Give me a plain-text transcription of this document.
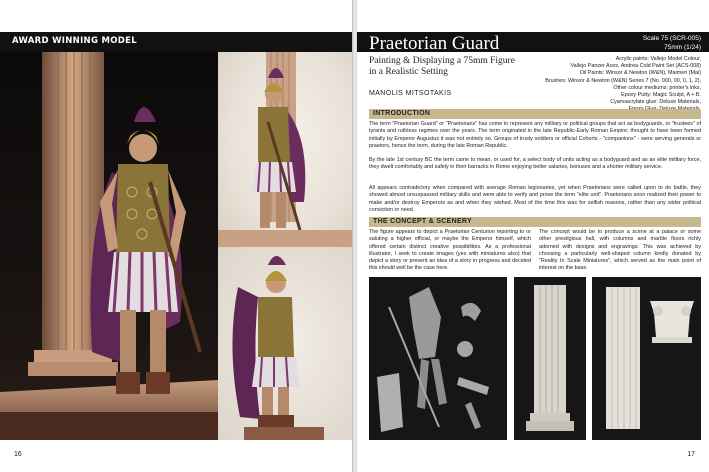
AWARD WINNING MODEL
16
Praetorian Guard	Scale 75 (SCR-005)
75mm (1/24)
Painting & Displaying a 75mm Figure in a Realistic Setting
MANOLIS MITSOTAKIS
Acrylic paints: Vallejo Model Colour,
Vallejo Panzer Aces, Andrea Cold Paint Set (ACS-008)
Oil Paints: Winsor & Newton (W&N), Maimeri (Mai)
Brushes: Winsor & Newton (W&N) Series 7 (No. 000, 00, 0, 1, 2),
Other colour mediums: printer's inks,
Epoxy Putty: Magic Sculpt, A + B.
Cyanoacrylate glue: Deluxe Materials,
INTRODUCTION
The term "Praetorian Guard" or "Praetorians" has come to represent any military or political groups that act as bodyguards, or "trustees" of tyrants and ruthless regimes over the years. The term originated in the late Republic-Early Roman Empire; thought to have been formed initially by Emperor Augustus it was not entirely so. Groups of trusty soldiers or official Cohorts - "companions" - were serving generals or praetors, hence the term, during the late Roman Republic.
By the late 1st century BC the term came to mean, or used for, a select body of units acting as a bodyguard and as an elite military force, they dwelt comfortably and safely in their barracks in Rome enjoying better salaries, bonuses and a shorter military service.
All appears contradictory when compared with average Roman legionaries, yet when Praetorians were called upon to do battle, they showed almost unsurpassed military skills and were able to verify and prove the term "elite unit". Praetorians soon realized their power to make and/or destroy Emperors as and when they wished. Most of the time this was for selfish reasons, rather than any wider political conviction or need.
THE CONCEPT & SCENERY
The figure appears to depict a Praetorian Centurion reporting to or saluting a higher official, or maybe the Emperor himself, which offered certain distinct creative possibilities. As a professional illustrator, I seek to create images (yes with miniatures also) that depict a story or present an idea of a story in progress and decided this should well be the case here.
The concept would be to produce a scene at a palace or some other prestigious hall, with columns and marble floors richly adorned with designs and engravings. This was achieved by choosing a particularly well-shaped column kindly donated by "Reality In Scale Miniatures", which served as the main point of interest on the base.
17
